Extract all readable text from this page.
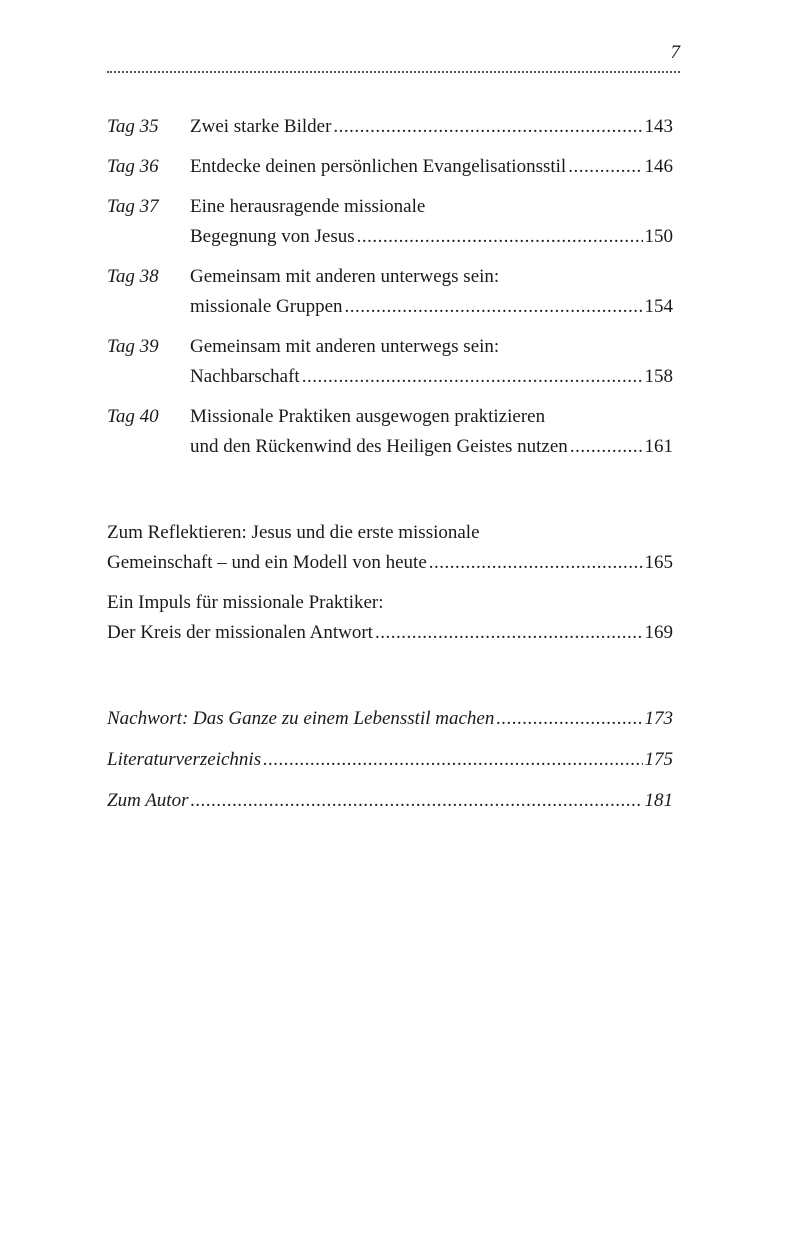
7
Tag 35 Zwei starke Bilder .....	143
Tag 36 Entdecke deinen persönlichen Evangelisationsstil .....	146
Tag 37 Eine herausragende missionale
Begegnung von Jesus .....	150
Tag 38 Gemeinsam mit anderen unterwegs sein:
missionale Gruppen .....	154
Tag 39 Gemeinsam mit anderen unterwegs sein:
Nachbarschaft .....	158
Tag 40 Missionale Praktiken ausgewogen praktizieren
und den Rückenwind des Heiligen Geistes nutzen .....	161
Zum Reflektieren: Jesus und die erste missionale
Gemeinschaft – und ein Modell von heute .....	165
Ein Impuls für missionale Praktiker:
Der Kreis der missionalen Antwort .....	169
Nachwort: Das Ganze zu einem Lebensstil machen .....	173
Literaturverzeichnis .....	175
Zum Autor .....	181
